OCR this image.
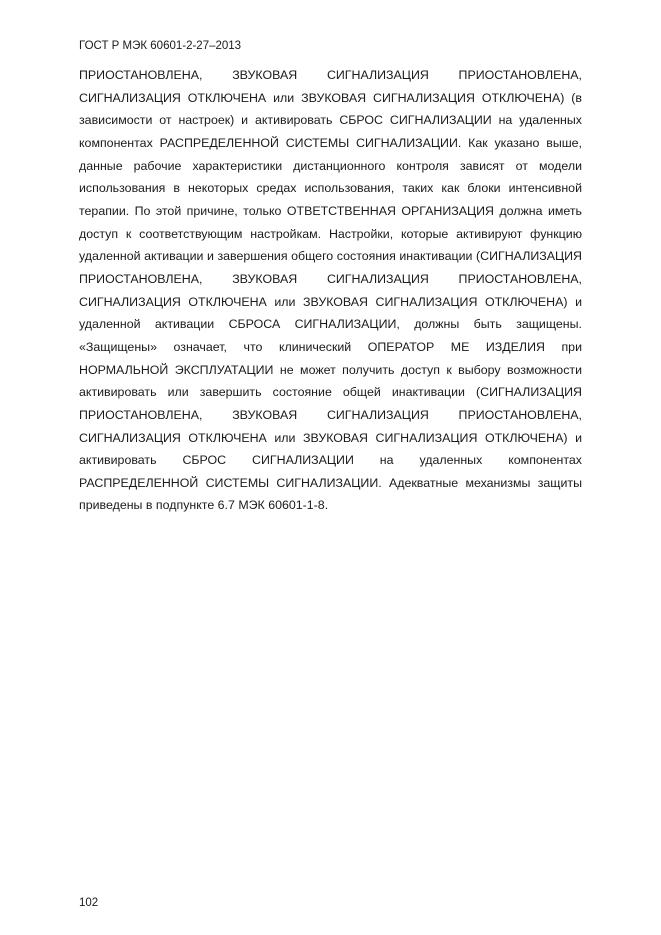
ГОСТ Р МЭК 60601-2-27–2013

ПРИОСТАНОВЛЕНА, ЗВУКОВАЯ СИГНАЛИЗАЦИЯ ПРИОСТАНОВЛЕНА, СИГНАЛИЗАЦИЯ ОТКЛЮЧЕНА или ЗВУКОВАЯ СИГНАЛИЗАЦИЯ ОТКЛЮЧЕНА) (в зависимости от настроек) и активировать СБРОС СИГНАЛИЗАЦИИ на удаленных компонентах РАСПРЕДЕЛЕННОЙ СИСТЕМЫ СИГНАЛИЗАЦИИ. Как указано выше, данные рабочие характеристики дистанционного контроля зависят от модели использования в некоторых средах использования, таких как блоки интенсивной терапии. По этой причине, только ОТВЕТСТВЕННАЯ ОРГАНИЗАЦИЯ должна иметь доступ к соответствующим настройкам. Настройки, которые активируют функцию удаленной активации и завершения общего состояния инактивации (СИГНАЛИЗАЦИЯ ПРИОСТАНОВЛЕНА, ЗВУКОВАЯ СИГНАЛИЗАЦИЯ ПРИОСТАНОВЛЕНА, СИГНАЛИЗАЦИЯ ОТКЛЮЧЕНА или ЗВУКОВАЯ СИГНАЛИЗАЦИЯ ОТКЛЮЧЕНА) и удаленной активации СБРОСА СИГНАЛИЗАЦИИ, должны быть защищены. «Защищены» означает, что клинический ОПЕРАТОР МЕ ИЗДЕЛИЯ при НОРМАЛЬНОЙ ЭКСПЛУАТАЦИИ не может получить доступ к выбору возможности активировать или завершить состояние общей инактивации (СИГНАЛИЗАЦИЯ ПРИОСТАНОВЛЕНА, ЗВУКОВАЯ СИГНАЛИЗАЦИЯ ПРИОСТАНОВЛЕНА, СИГНАЛИЗАЦИЯ ОТКЛЮЧЕНА или ЗВУКОВАЯ СИГНАЛИЗАЦИЯ ОТКЛЮЧЕНА) и активировать СБРОС СИГНАЛИЗАЦИИ на удаленных компонентах РАСПРЕДЕЛЕННОЙ СИСТЕМЫ СИГНАЛИЗАЦИИ. Адекватные механизмы защиты приведены в подпункте 6.7 МЭК 60601-1-8.

102
